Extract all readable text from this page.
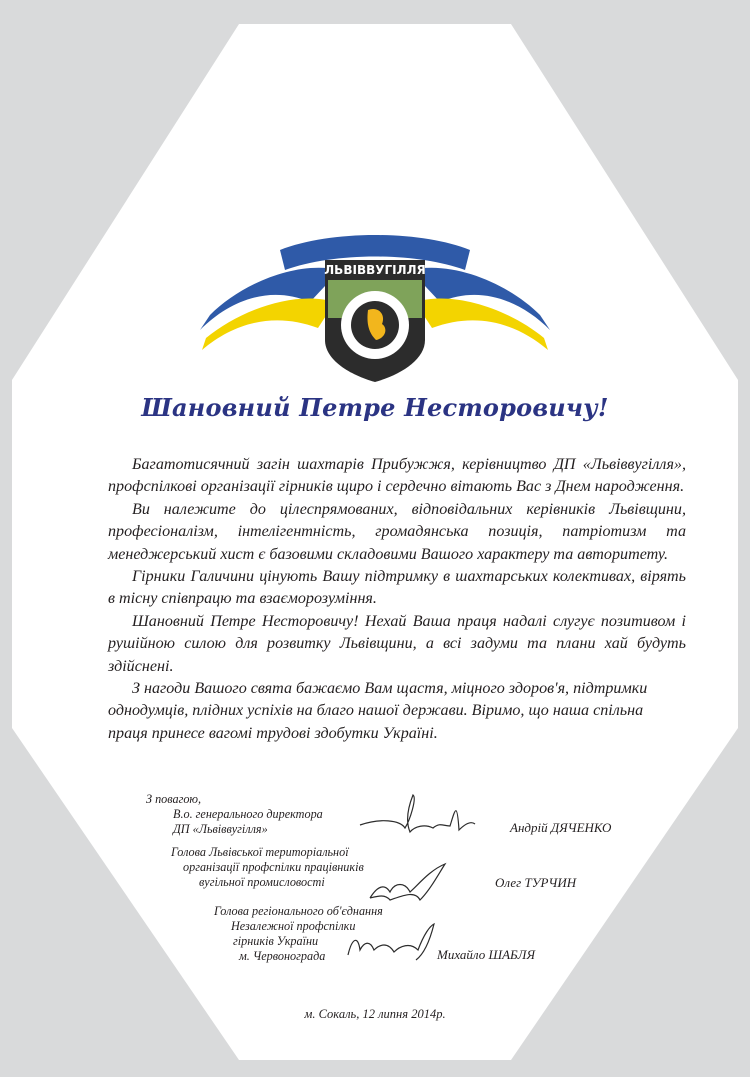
ЛЬВІВВУГІЛЛЯ
Шановний Петре Несторовичу!

Багатотисячний загін шахтарів Прибужжя, керівництво ДП «Львіввугілля», профспілкові організації гірників щиро і сердечно вітають Вас з Днем народження.

Ви належите до цілеспрямованих, відповідальних керівників Львівщини, професіоналізм, інтелігентність, громадянська позиція, патріотизм та менеджерський хист є базовими складовими Вашого характеру та авторитету.

Гірники Галичини цінують Вашу підтримку в шахтарських колективах, вірять в тісну співпрацю та взаєморозуміння.

Шановний Петре Несторовичу! Нехай Ваша праця надалі слугує позитивом і рушійною силою для розвитку Львівщини, а всі задуми та плани хай будуть здійснені.

З нагоди Вашого свята бажаємо Вам щастя, міцного здоров'я, підтримки однодумців, плідних успіхів на благо нашої держави. Віримо, що наша спільна праця принесе вагомі трудові здобутки Україні.

З повагою,
В.о. генерального директора
ДП «Львіввугілля»	Андрій ДЯЧЕНКО
Голова Львівської територіальної
організації профспілки працівників
вугільної промисловості	Олег ТУРЧИН
Голова регіонального об'єднання
Незалежної профспілки
гірників України
м. Червонограда	Михайло ШАБЛЯ
м. Сокаль, 12 липня 2014р.
